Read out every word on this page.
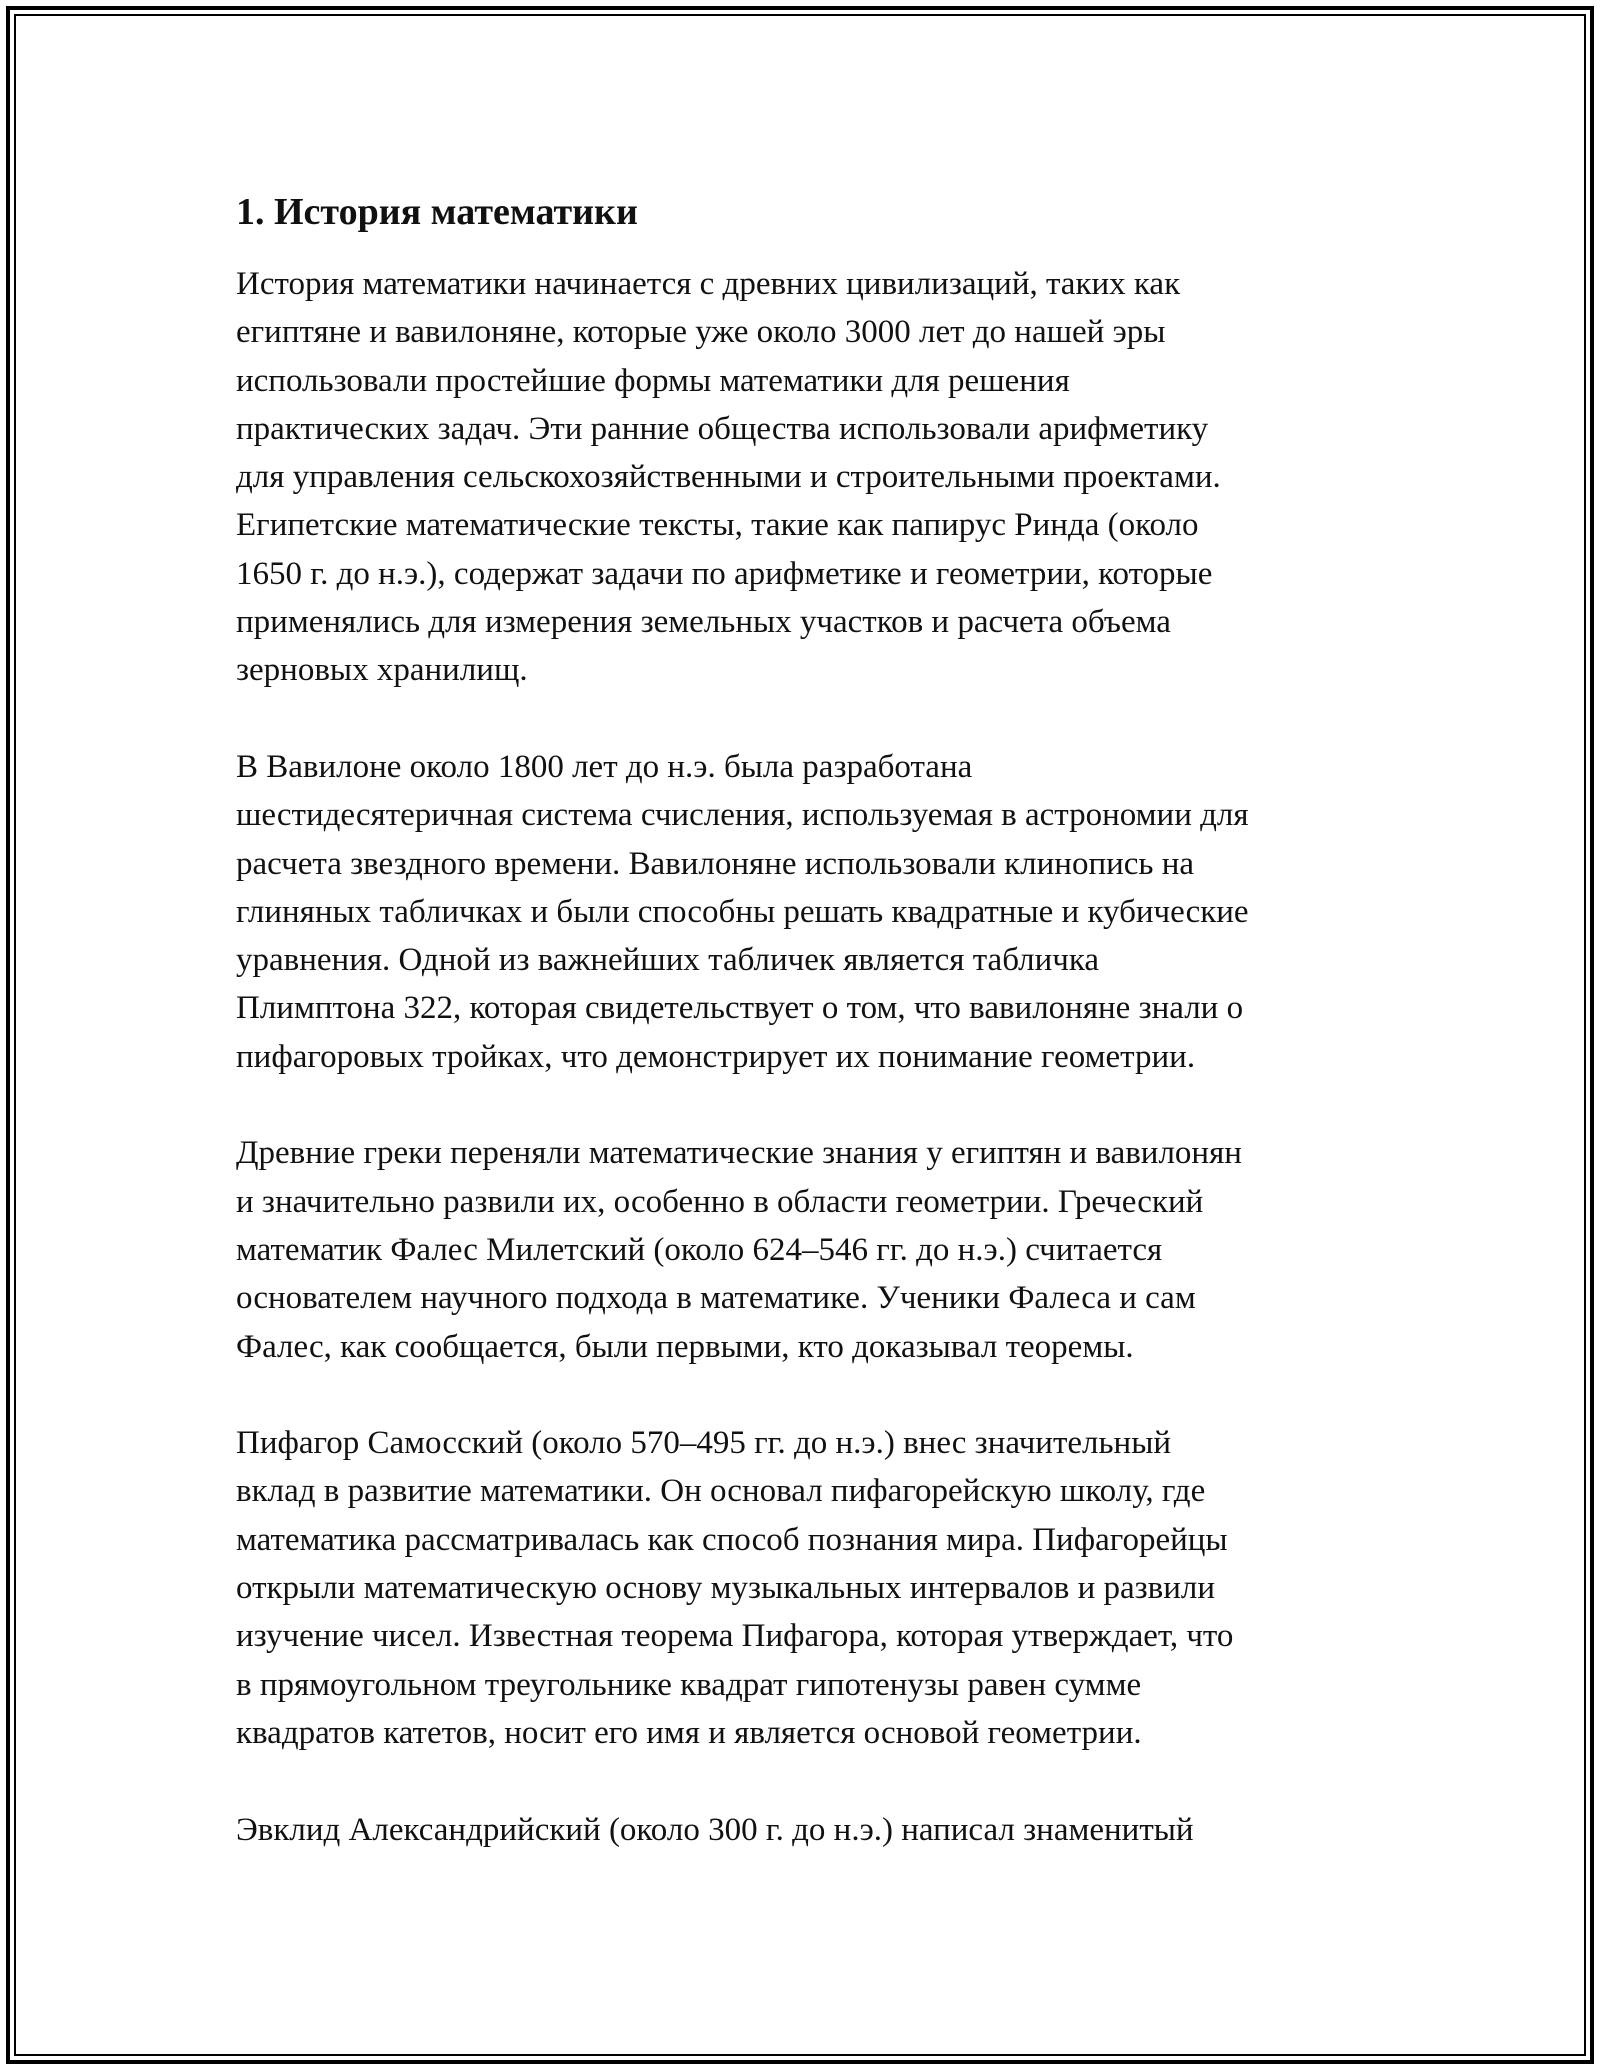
1. История математики

История математики начинается с древних цивилизаций, таких как
египтяне и вавилоняне, которые уже около 3000 лет до нашей эры
использовали простейшие формы математики для решения
практических задач. Эти ранние общества использовали арифметику
для управления сельскохозяйственными и строительными проектами.
Египетские математические тексты, такие как папирус Ринда (около
1650 г. до н.э.), содержат задачи по арифметике и геометрии, которые
применялись для измерения земельных участков и расчета объема
зерновых хранилищ.

В Вавилоне около 1800 лет до н.э. была разработана
шестидесятеричная система счисления, используемая в астрономии для
расчета звездного времени. Вавилоняне использовали клинопись на
глиняных табличках и были способны решать квадратные и кубические
уравнения. Одной из важнейших табличек является табличка
Плимптона 322, которая свидетельствует о том, что вавилоняне знали о
пифагоровых тройках, что демонстрирует их понимание геометрии.

Древние греки переняли математические знания у египтян и вавилонян
и значительно развили их, особенно в области геометрии. Греческий
математик Фалес Милетский (около 624–546 гг. до н.э.) считается
основателем научного подхода в математике. Ученики Фалеса и сам
Фалес, как сообщается, были первыми, кто доказывал теоремы.

Пифагор Самосский (около 570–495 гг. до н.э.) внес значительный
вклад в развитие математики. Он основал пифагорейскую школу, где
математика рассматривалась как способ познания мира. Пифагорейцы
открыли математическую основу музыкальных интервалов и развили
изучение чисел. Известная теорема Пифагора, которая утверждает, что
в прямоугольном треугольнике квадрат гипотенузы равен сумме
квадратов катетов, носит его имя и является основой геометрии.

Эвклид Александрийский (около 300 г. до н.э.) написал знаменитый
